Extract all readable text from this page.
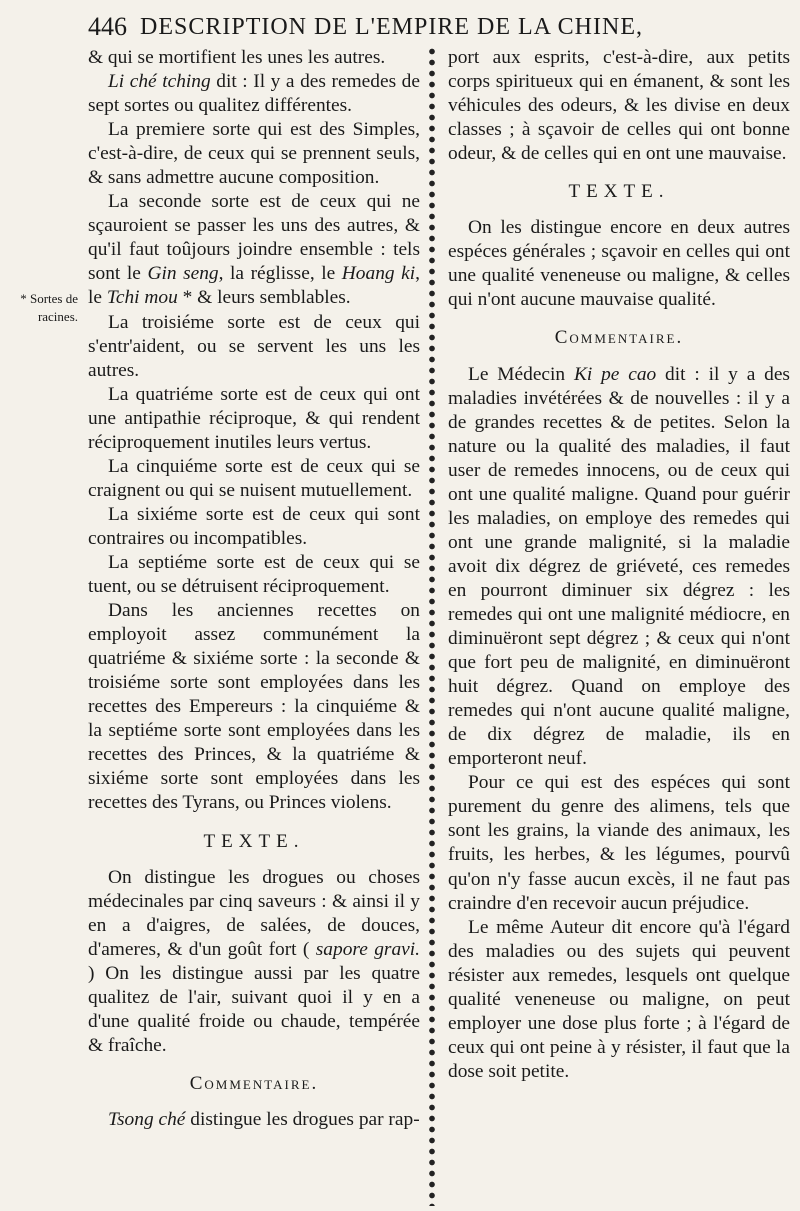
446 DESCRIPTION DE L'EMPIRE DE LA CHINE,
* Sortes de racines.

& qui se mortifient les unes les autres.

Li ché tching dit : Il y a des remedes de sept sortes ou qualitez différentes.

La premiere sorte qui est des Simples, c'est-à-dire, de ceux qui se prennent seuls, & sans admettre aucune composition.

La seconde sorte est de ceux qui ne sçauroient se passer les uns des autres, & qu'il faut toûjours joindre ensemble : tels sont le Gin seng, la réglisse, le Hoang ki, le Tchi mou * & leurs semblables.

La troisiéme sorte est de ceux qui s'entr'aident, ou se servent les uns les autres.

La quatriéme sorte est de ceux qui ont une antipathie réciproque, & qui rendent réciproquement inutiles leurs vertus.

La cinquiéme sorte est de ceux qui se craignent ou qui se nuisent mutuellement.

La sixiéme sorte est de ceux qui sont contraires ou incompatibles.

La septiéme sorte est de ceux qui se tuent, ou se détruisent réciproquement.

Dans les anciennes recettes on employoit assez communément la quatriéme & sixiéme sorte : la seconde & troisiéme sorte sont employées dans les recettes des Empereurs : la cinquiéme & la septiéme sorte sont employées dans les recettes des Princes, & la quatriéme & sixiéme sorte sont employées dans les recettes des Tyrans, ou Princes violens.

TEXTE.

On distingue les drogues ou choses médecinales par cinq saveurs : & ainsi il y en a d'aigres, de salées, de douces, d'ameres, & d'un goût fort ( sapore gravi. ) On les distingue aussi par les quatre qualitez de l'air, suivant quoi il y en a d'une qualité froide ou chaude, tempérée & fraîche.

Commentaire.

Tsong ché distingue les drogues par rap-

port aux esprits, c'est-à-dire, aux petits corps spiritueux qui en émanent, & sont les véhicules des odeurs, & les divise en deux classes ; à sçavoir de celles qui ont bonne odeur, & de celles qui en ont une mauvaise.

TEXTE.

On les distingue encore en deux autres espéces générales ; sçavoir en celles qui ont une qualité veneneuse ou maligne, & celles qui n'ont aucune mauvaise qualité.

Commentaire.

Le Médecin Ki pe cao dit : il y a des maladies invétérées & de nouvelles : il y a de grandes recettes & de petites. Selon la nature ou la qualité des maladies, il faut user de remedes innocens, ou de ceux qui ont une qualité maligne. Quand pour guérir les maladies, on employe des remedes qui ont une grande malignité, si la maladie avoit dix dégrez de griéveté, ces remedes en pourront diminuer six dégrez : les remedes qui ont une malignité médiocre, en diminuëront sept dégrez ; & ceux qui n'ont que fort peu de malignité, en diminuëront huit dégrez. Quand on employe des remedes qui n'ont aucune qualité maligne, de dix dégrez de maladie, ils en emporteront neuf.

Pour ce qui est des espéces qui sont purement du genre des alimens, tels que sont les grains, la viande des animaux, les fruits, les herbes, & les légumes, pourvû qu'on n'y fasse aucun excès, il ne faut pas craindre d'en recevoir aucun préjudice.

Le même Auteur dit encore qu'à l'égard des maladies ou des sujets qui peuvent résister aux remedes, lesquels ont quelque qualité veneneuse ou maligne, on peut employer une dose plus forte ; à l'égard de ceux qui ont peine à y résister, il faut que la dose soit petite.
